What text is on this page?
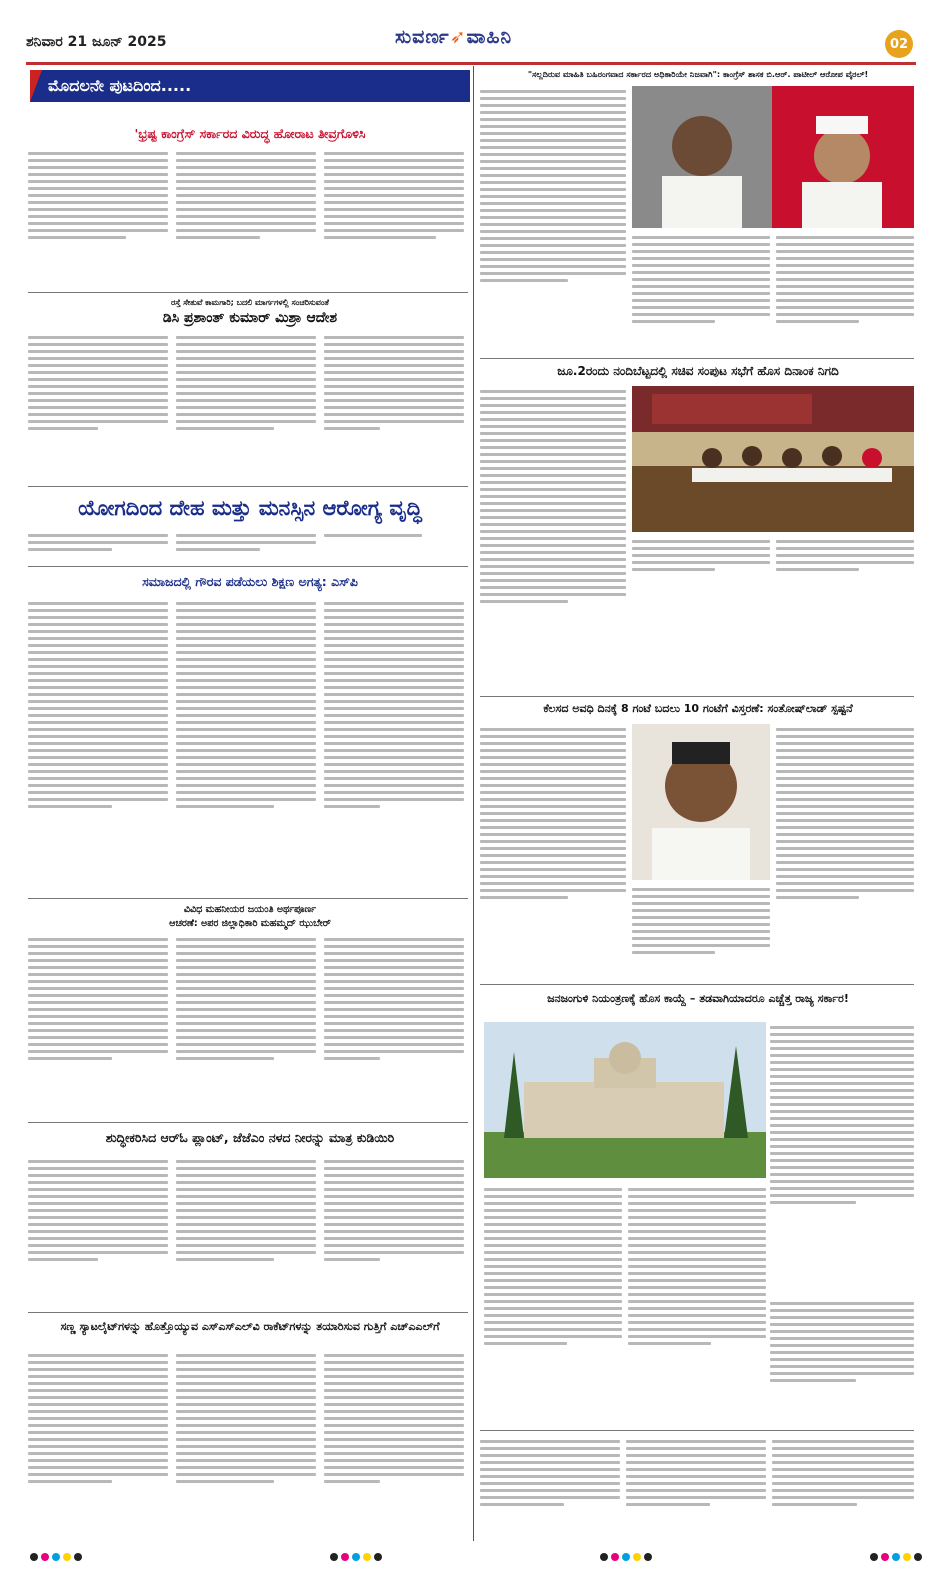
ಶನಿವಾರ 21 ಜೂನ್ 2025	ಸುವರ್ಣ➶ವಾಹಿನಿ	02
ಮೊದಲನೇ ಪುಟದಿಂದ.....
'ಭ್ರಷ್ಟ ಕಾಂಗ್ರೆಸ್ ಸರ್ಕಾರದ ವಿರುದ್ಧ ಹೋರಾಟ ತೀವ್ರಗೊಳಿಸಿ
ರಸ್ತೆ ಸೇತುವೆ ಕಾಮಗಾರಿ; ಬದಲಿ ಮಾರ್ಗಗಳಲ್ಲಿ ಸಂಚರಿಸುವಂತೆ
ಡಿಸಿ ಪ್ರಶಾಂತ್ ಕುಮಾರ್ ಮಿಶ್ರಾ ಆದೇಶ
ಯೋಗದಿಂದ ದೇಹ ಮತ್ತು ಮನಸ್ಸಿನ ಆರೋಗ್ಯ ವೃದ್ಧಿ
ಸಮಾಜದಲ್ಲಿ ಗೌರವ ಪಡೆಯಲು ಶಿಕ್ಷಣ ಅಗತ್ಯ: ಎಸ್‌ಪಿ
ವಿವಿಧ ಮಹನೀಯರ ಜಯಂತಿ ಅರ್ಥಪೂರ್ಣ
ಆಚರಣೆ: ಅಪರ ಜಿಲ್ಲಾಧಿಕಾರಿ ಮಹಮ್ಮದ್ ಝುಬೇರ್
ಶುದ್ಧೀಕರಿಸಿದ ಆರ್‌ಓ ಪ್ಲಾಂಟ್, ಜೆಜೆಎಂ ನಳದ ನೀರನ್ನು ಮಾತ್ರ ಕುಡಿಯಿರಿ
ಸಣ್ಣ ಸ್ಯಾಟಲೈಟ್‌ಗಳನ್ನು ಹೊತ್ತೊಯ್ಯುವ ಎಸ್‌ಎಸ್‌ಎಲ್‌ವಿ ರಾಕೆಟ್‌ಗಳನ್ನು ತಯಾರಿಸುವ ಗುತ್ತಿಗೆ ಎಚ್‌ಎಎಲ್‌ಗೆ
"ಸಲ್ಲದಿರುವ ಮಾಹಿತಿ ಬಹಿರಂಗವಾದ ಸರ್ಕಾರದ ಅಧಿಕಾರಿಯೇ ನಿಜವಾಗಿ": ಕಾಂಗ್ರೆಸ್ ಶಾಸಕ ಬಿ.ಆರ್. ಪಾಟೀಲ್ ಆರೋಪ ವೈರಲ್!
ಜೂ.2ರಂದು ನಂದಿಬೆಟ್ಟದಲ್ಲಿ ಸಚಿವ ಸಂಪುಟ ಸಭೆಗೆ ಹೊಸ ದಿನಾಂಕ ನಿಗದಿ
ಕೆಲಸದ ಅವಧಿ ದಿನಕ್ಕೆ 8 ಗಂಟೆ ಬದಲು 10 ಗಂಟೆಗೆ ವಿಸ್ತರಣೆ: ಸಂತೋಷ್‌ಲಾಡ್ ಸ್ಪಷ್ಟನೆ
ಜನಜಂಗುಳಿ ನಿಯಂತ್ರಣಕ್ಕೆ ಹೊಸ ಕಾಯ್ದೆ – ತಡವಾಗಿಯಾದರೂ ಎಚ್ಚೆತ್ತ ರಾಜ್ಯ ಸರ್ಕಾರ!
